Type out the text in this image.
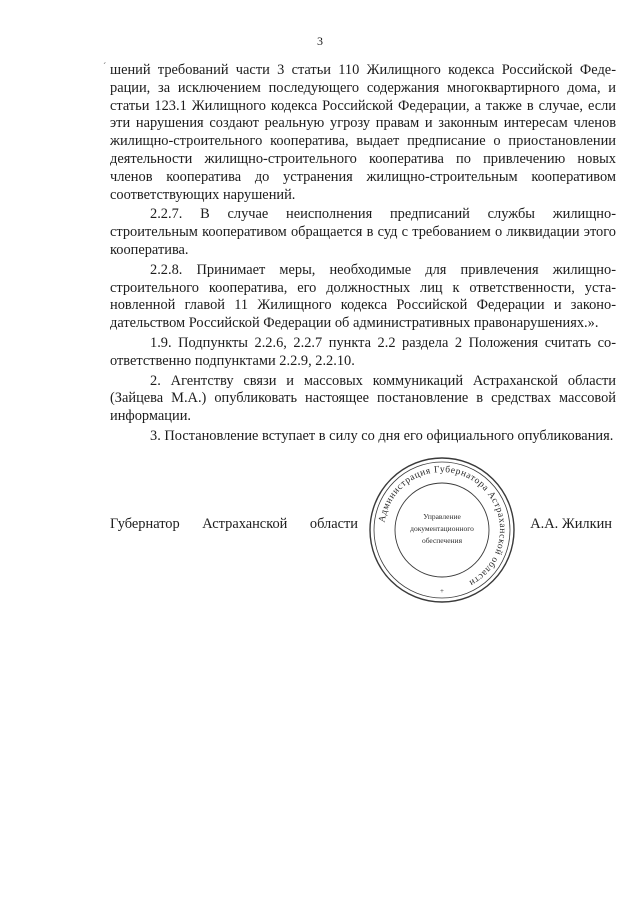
3
´ шений требований части 3 статьи 110 Жилищного кодекса Российской Федерации, за исключением последующего содержания многоквартирного дома, и статьи 123.1 Жилищного кодекса Российской Федерации, а также в случае, если эти нарушения создают реальную угрозу правам и законным интересам членов жилищно-строительного кооператива, выдает предписание о приостановлении деятельности жилищно-строительного кооператива по привлечению новых членов кооператива до устранения жилищно-строительным кооперативом соответствующих нарушений.

2.2.7. В случае неисполнения предписаний службы жилищно-строительным кооперативом обращается в суд с требованием о ликвидации этого кооператива.

2.2.8. Принимает меры, необходимые для привлечения жилищно-строительного кооператива, его должностных лиц к ответственности, установленной главой 11 Жилищного кодекса Российской Федерации и законодательством Российской Федерации об административных правонарушениях.».

1.9. Подпункты 2.2.6, 2.2.7 пункта 2.2 раздела 2 Положения считать соответственно подпунктами 2.2.9, 2.2.10.

2. Агентству связи и массовых коммуникаций Астраханской области (Зайцева М.А.) опубликовать настоящее постановление в средствах массовой информации.

3. Постановление вступает в силу со дня его официального опубликования.

Губернатор Астраханской области	А.А. Жилкин
Администрация Губернатора Астраханской области
Управление
документационного
обеспечения
+
